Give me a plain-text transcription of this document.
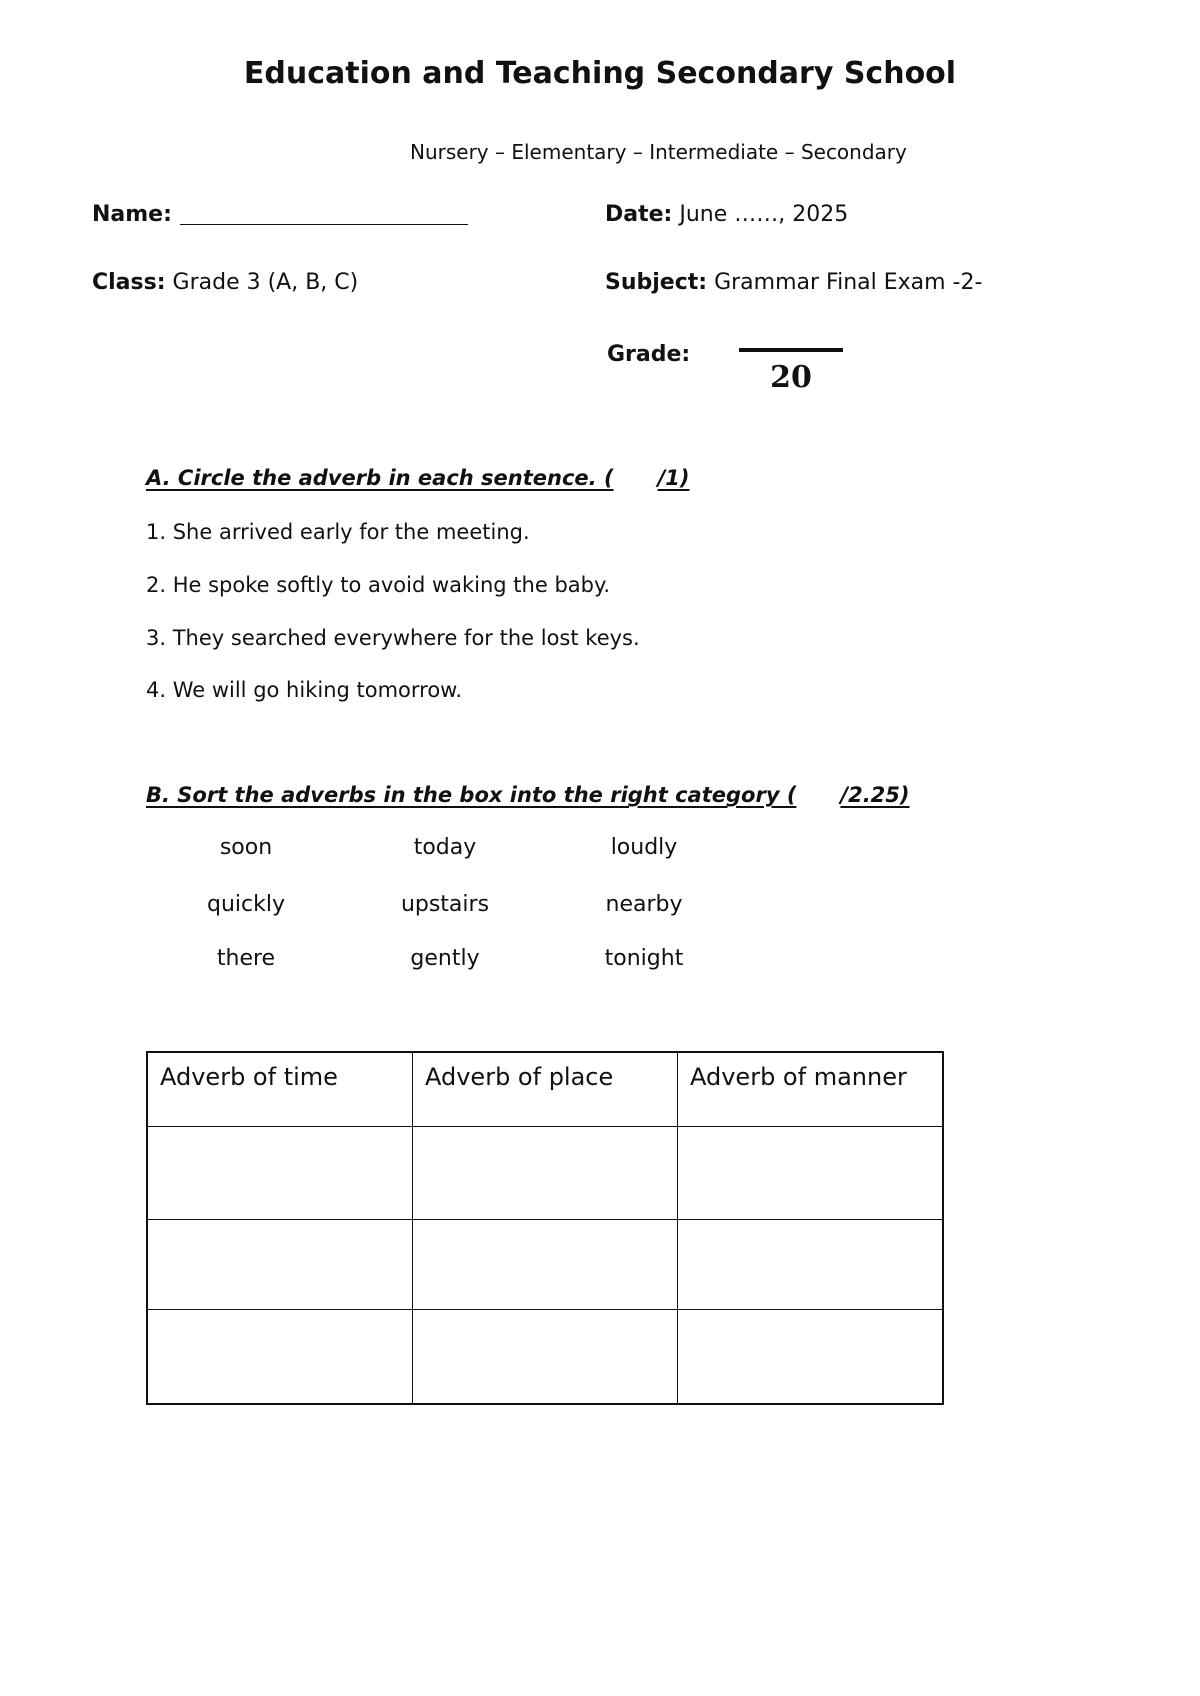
Education and Teaching Secondary School
Nursery – Elementary – Intermediate – Secondary
Name:	Date: June ……, 2025
Class: Grade 3 (A, B, C)	Subject: Grammar Final Exam -2-
Grade:
20
A. Circle the adverb in each sentence. ( /1)
1. She arrived early for the meeting.
2. He spoke softly to avoid waking the baby.
3. They searched everywhere for the lost keys.
4. We will go hiking tomorrow.
B. Sort the adverbs in the box into the right category ( /2.25)
soon	today	loudly
quickly	upstairs	nearby
there	gently	tonight
Adverb of time	Adverb of place	Adverb of manner
